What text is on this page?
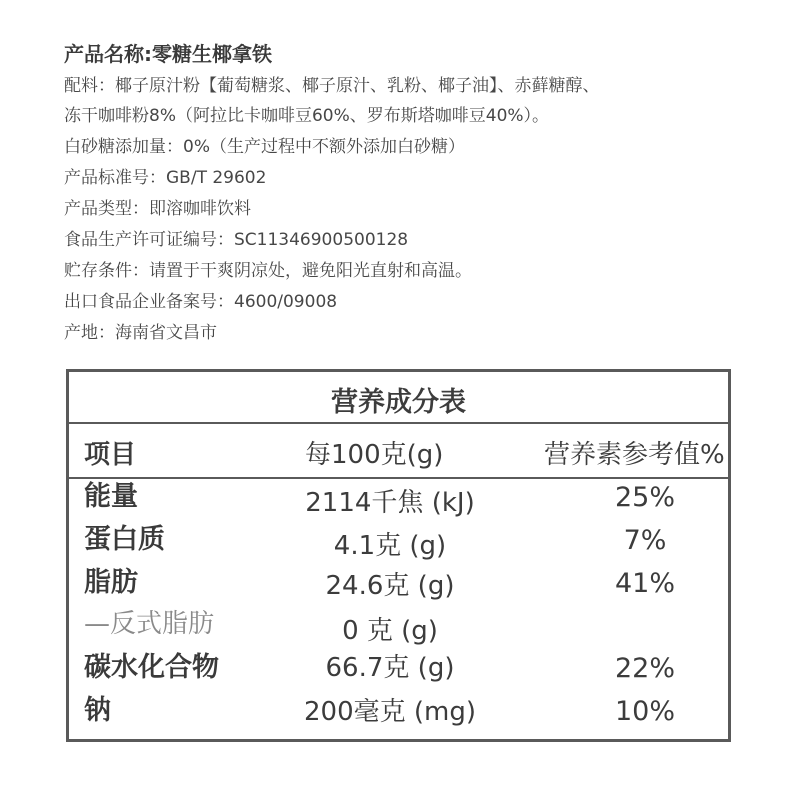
产品名称:零糖生椰拿铁
配料：椰子原汁粉【葡萄糖浆、椰子原汁、乳粉、椰子油】、赤藓糖醇、
冻干咖啡粉8%（阿拉比卡咖啡豆60%、罗布斯塔咖啡豆40%）。
白砂糖添加量：0%（生产过程中不额外添加白砂糖）
产品标准号：GB/T 29602
产品类型：即溶咖啡饮料
食品生产许可证编号：SC11346900500128
贮存条件：请置于干爽阴凉处，避免阳光直射和高温。
出口食品企业备案号：4600/09008
产地：海南省文昌市
营养成分表
项目	每100克(g)	营养素参考值%
能量	2114千焦 (kJ)	25%
蛋白质	4.1克 (g)	7%
脂肪	24.6克 (g)	41%
—反式脂肪	0 克 (g)
碳水化合物	66.7克 (g)	22%
钠	200毫克 (mg)	10%
